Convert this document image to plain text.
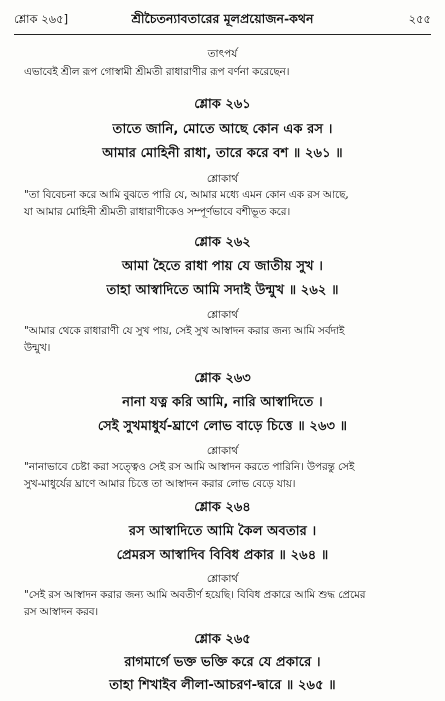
শ্লোক ২৬৫]	শ্রীচৈতন্যাবতারের মূলপ্রয়োজন-কথন	২৫৫
তাৎপর্য
এভাবেই শ্রীল রূপ গোস্বামী শ্রীমতী রাধারাণীর রূপ বর্ণনা করেছেন।
শ্লোক ২৬১
তাতে জানি, মোতে আছে কোন এক রস ।
আমার মোহিনী রাধা, তারে করে বশ ॥ ২৬১ ॥
শ্লোকার্থ
"তা বিবেচনা করে আমি বুঝতে পারি যে, আমার মধ্যে এমন কোন এক রস আছে,
যা আমার মোহিনী শ্রীমতী রাধারাণীকেও সম্পূর্ণভাবে বশীভূত করে।
শ্লোক ২৬২
আমা হৈতে রাধা পায় যে জাতীয় সুখ ।
তাহা আস্বাদিতে আমি সদাই উন্মুখ ॥ ২৬২ ॥
শ্লোকার্থ
"আমার থেকে রাধারাণী যে সুখ পায়, সেই সুখ আস্বাদন করার জন্য আমি সর্বদাই
উন্মুখ।
শ্লোক ২৬৩
নানা যত্ন করি আমি, নারি আস্বাদিতে ।
সেই সুখমাধুর্য-ঘ্রাণে লোভ বাড়ে চিত্তে ॥ ২৬৩ ॥
শ্লোকার্থ
"নানাভাবে চেষ্টা করা সত্ত্বেও সেই রস আমি আস্বাদন করতে পারিনি। উপরন্তু সেই
সুখ-মাধুর্যের ঘ্রাণে আমার চিত্তে তা আস্বাদন করার লোভ বেড়ে যায়।
শ্লোক ২৬৪
রস আস্বাদিতে আমি কৈল অবতার ।
প্রেমরস আস্বাদিব বিবিধ প্রকার ॥ ২৬৪ ॥
শ্লোকার্থ
"সেই রস আস্বাদন করার জন্য আমি অবতীর্ণ হয়েছি। বিবিধ প্রকারে আমি শুদ্ধ প্রেমের
রস আস্বাদন করব।
শ্লোক ২৬৫
রাগমার্গে ভক্ত ভক্তি করে যে প্রকারে ।
তাহা শিখাইব লীলা-আচরণ-দ্বারে ॥ ২৬৫ ॥
